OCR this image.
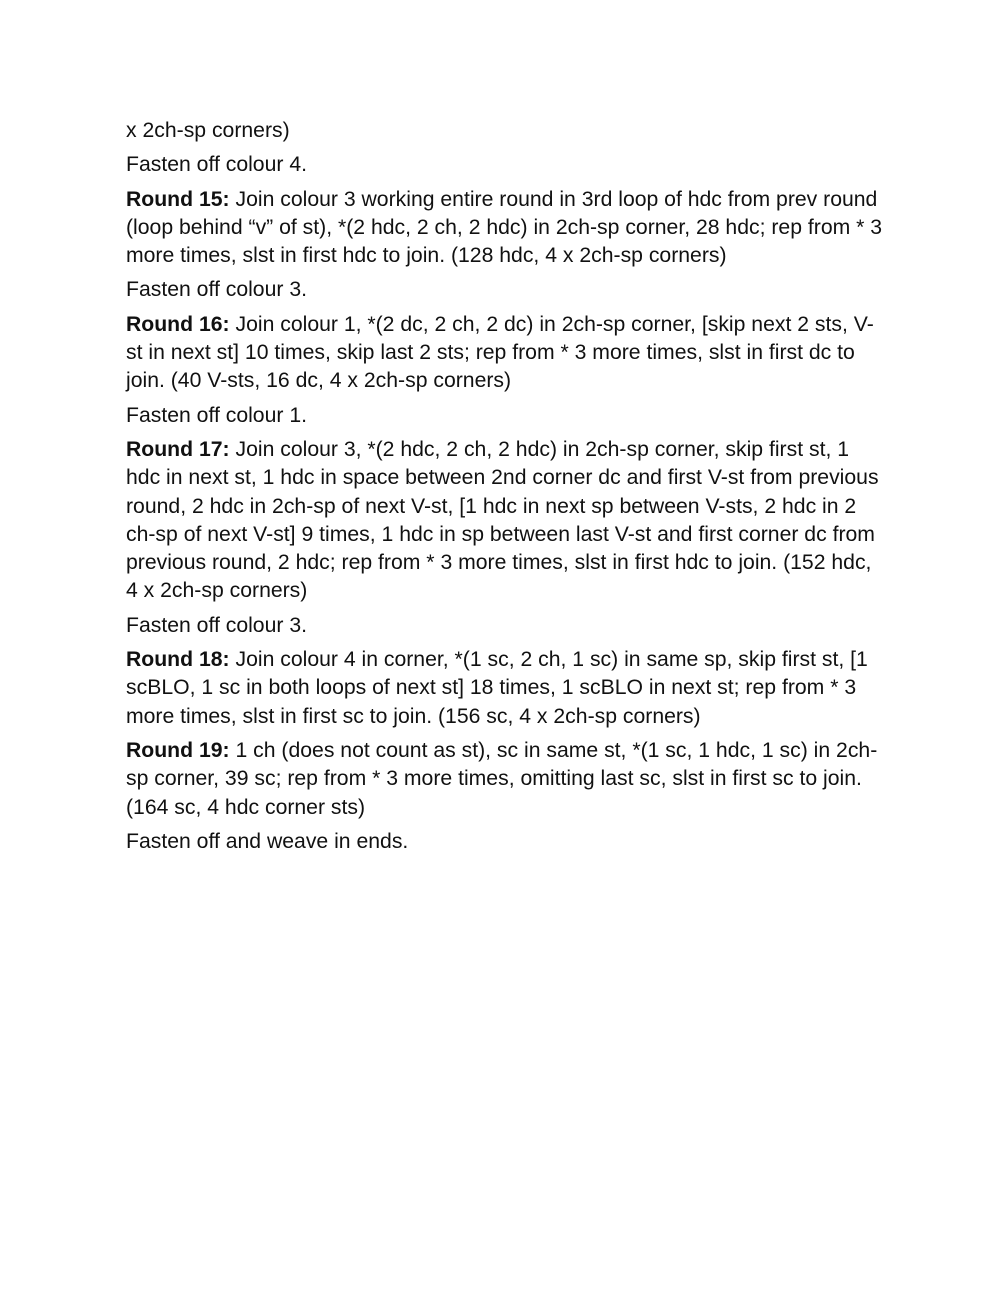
x 2ch-sp corners)

Fasten off colour 4.

Round 15: Join colour 3 working entire round in 3rd loop of hdc from prev round (loop behind “v” of st), *(2 hdc, 2 ch, 2 hdc) in 2ch-sp corner, 28 hdc; rep from * 3 more times, slst in first hdc to join. (128 hdc, 4 x 2ch-sp corners)

Fasten off colour 3.

Round 16: Join colour 1, *(2 dc, 2 ch, 2 dc) in 2ch-sp corner, [skip next 2 sts, V-st in next st] 10 times, skip last 2 sts; rep from * 3 more times, slst in first dc to join. (40 V-sts, 16 dc, 4 x 2ch-sp corners)

Fasten off colour 1.

Round 17: Join colour 3, *(2 hdc, 2 ch, 2 hdc) in 2ch-sp corner, skip first st, 1 hdc in next st, 1 hdc in space between 2nd corner dc and first V-st from previous round, 2 hdc in 2ch-sp of next V-st, [1 hdc in next sp between V-sts, 2 hdc in 2 ch-sp of next V-st] 9 times, 1 hdc in sp between last V-st and first corner dc from previous round, 2 hdc; rep from * 3 more times, slst in first hdc to join. (152 hdc, 4 x 2ch-sp corners)

Fasten off colour 3.

Round 18: Join colour 4 in corner, *(1 sc, 2 ch, 1 sc) in same sp, skip first st, [1 scBLO, 1 sc in both loops of next st] 18 times, 1 scBLO in next st; rep from * 3 more times, slst in first sc to join. (156 sc, 4 x 2ch-sp corners)

Round 19: 1 ch (does not count as st), sc in same st, *(1 sc, 1 hdc, 1 sc) in 2ch-sp corner, 39 sc; rep from * 3 more times, omitting last sc, slst in first sc to join. (164 sc, 4 hdc corner sts)

Fasten off and weave in ends.
